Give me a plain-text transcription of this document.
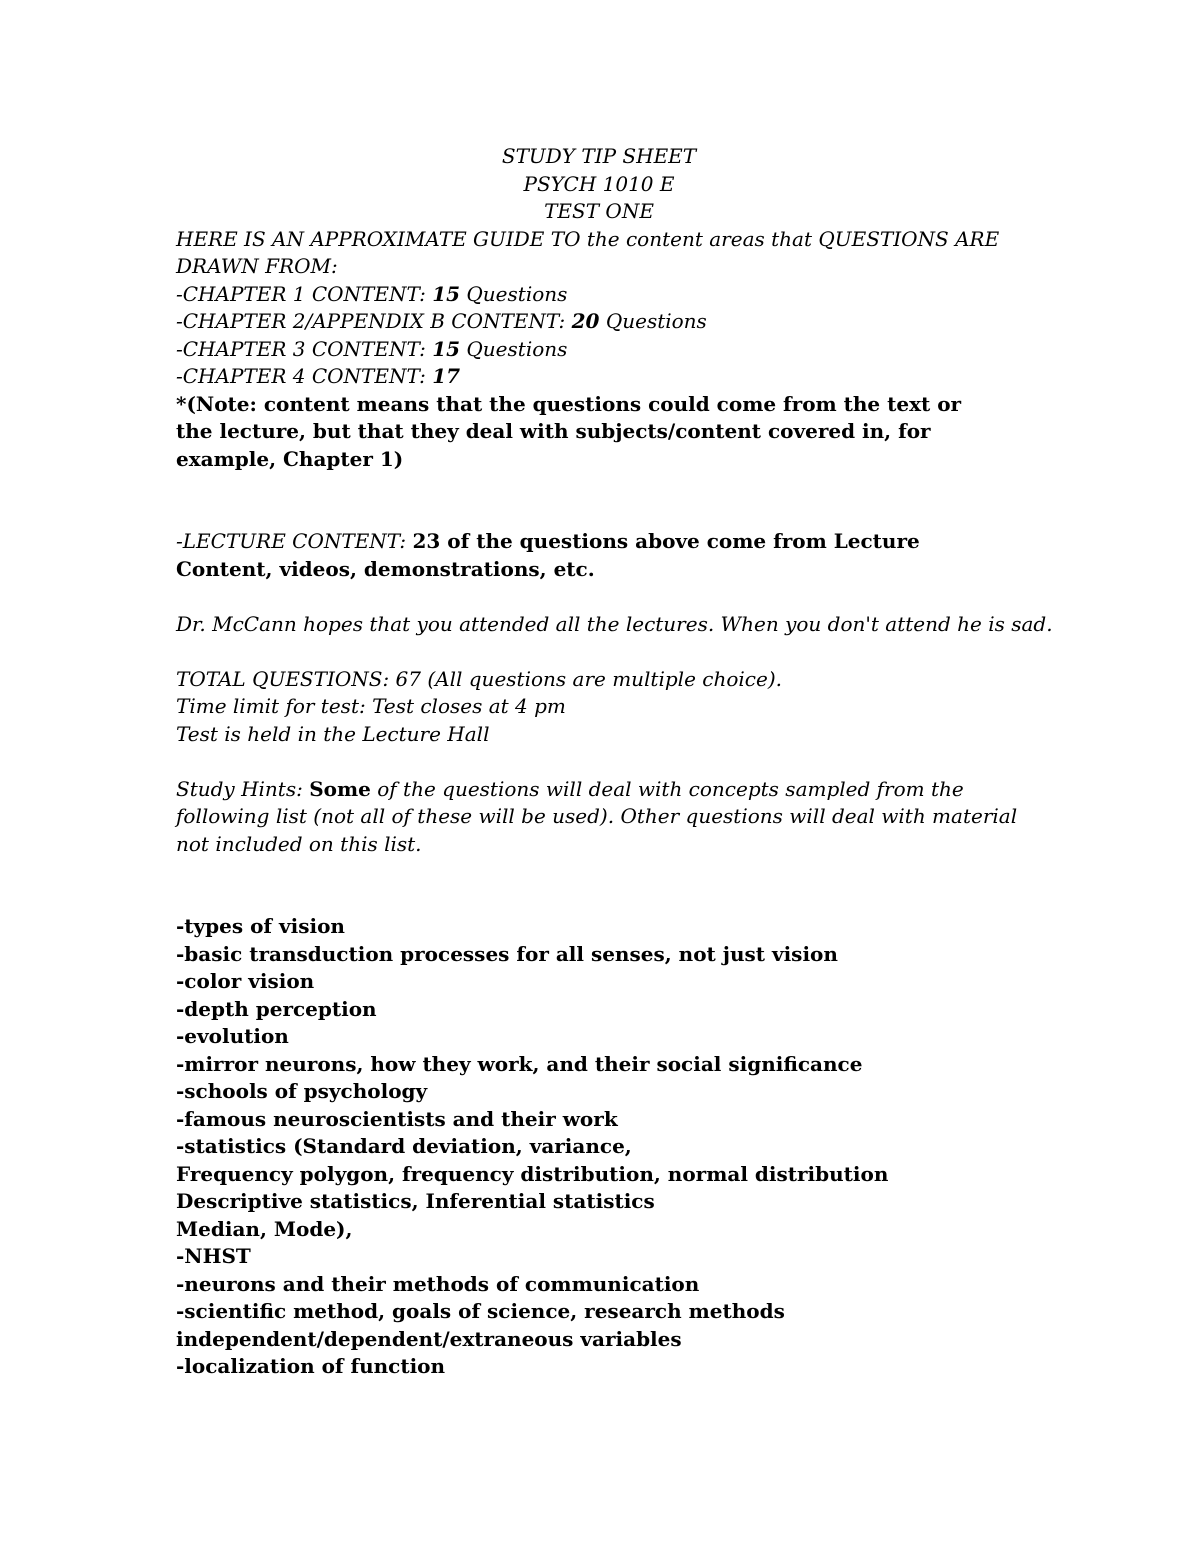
STUDY TIP SHEET
PSYCH 1010 E
TEST ONE
HERE IS AN APPROXIMATE GUIDE TO the content areas that QUESTIONS ARE DRAWN FROM:
-CHAPTER 1 CONTENT: 15 Questions
-CHAPTER 2/APPENDIX B CONTENT: 20 Questions
-CHAPTER 3 CONTENT: 15 Questions
-CHAPTER 4 CONTENT: 17
*(Note: content means that the questions could come from the text or the lecture, but that they deal with subjects/content covered in, for example, Chapter 1)
-LECTURE CONTENT: 23 of the questions above come from Lecture Content, videos, demonstrations, etc.
Dr. McCann hopes that you attended all the lectures. When you don't attend he is sad.
TOTAL QUESTIONS: 67 (All questions are multiple choice).
Time limit for test: Test closes at 4 pm
Test is held in the Lecture Hall
Study Hints: Some of the questions will deal with concepts sampled from the following list (not all of these will be used). Other questions will deal with material not included on this list.
-types of vision
-basic transduction processes for all senses, not just vision
-color vision
-depth perception
-evolution
-mirror neurons, how they work, and their social significance
-schools of psychology
-famous neuroscientists and their work
-statistics (Standard deviation, variance,
Frequency polygon, frequency distribution, normal distribution
Descriptive statistics, Inferential statistics
Median, Mode),
-NHST
-neurons and their methods of communication
-scientific method, goals of science, research methods
independent/dependent/extraneous variables
-localization of function
